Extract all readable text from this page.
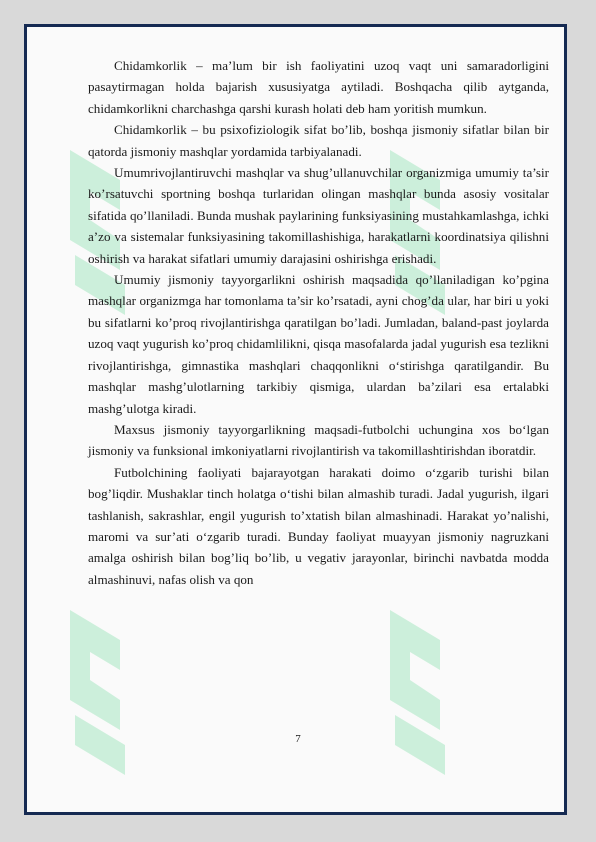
Chidamkorlik – ma’lum bir ish faoliyatini uzoq vaqt uni samaradorligini pasaytirmagan holda bajarish xususiyatga aytiladi. Boshqacha qilib aytganda, chidamkorlikni charchashga qarshi kurash holati deb ham yoritish mumkun.

Chidamkorlik – bu psixofiziologik sifat bo’lib, boshqa jismoniy sifatlar bilan bir qatorda jismoniy mashqlar yordamida tarbiyalanadi.

Umumrivojlantiruvchi mashqlar va shug’ullanuvchilar organizmiga umumiy ta’sir ko’rsatuvchi sportning boshqa turlaridan olingan mashqlar bunda asosiy vositalar sifatida qo’llaniladi. Bunda mushak paylarining funksiyasining mustahkamlashga, ichki a’zo va sistemalar funksiyasining takomillashishiga, harakatlarni koordinatsiya qilishni oshirish va harakat sifatlari umumiy darajasini oshirishga erishadi.

Umumiy jismoniy tayyorgarlikni oshirish maqsadida qo’llaniladigan ko’pgina mashqlar organizmga har tomonlama ta’sir ko’rsatadi, ayni chog’da ular, har biri u yoki bu sifatlarni ko’proq rivojlantirishga qaratilgan bo’ladi. Jumladan, baland-past joylarda uzoq vaqt yugurish ko’proq chidamlilikni, qisqa masofalarda jadal yugurish esa tezlikni rivojlantirishga, gimnastika mashqlari chaqqonlikni o‘stirishga qaratilgandir. Bu mashqlar mashg’ulotlarning tarkibiy qismiga, ulardan ba’zilari esa ertalabki mashg’ulotga kiradi.

Maxsus jismoniy tayyorgarlikning maqsadi-futbolchi uchungina xos bo‘lgan jismoniy va funksional imkoniyatlarni rivojlantirish va takomillashtirishdan iboratdir.

Futbolchining faoliyati bajarayotgan harakati doimo o‘zgarib turishi bilan bog’liqdir. Mushaklar tinch holatga o‘tishi bilan almashib turadi. Jadal yugurish, ilgari tashlanish, sakrashlar, engil yugurish to’xtatish bilan almashinadi. Harakat yo’nalishi, maromi va sur’ati o‘zgarib turadi. Bunday faoliyat muayyan jismoniy nagruzkani amalga oshirish bilan bog’liq bo’lib, u vegativ jarayonlar, birinchi navbatda modda almashinuvi, nafas olish va qon

7
